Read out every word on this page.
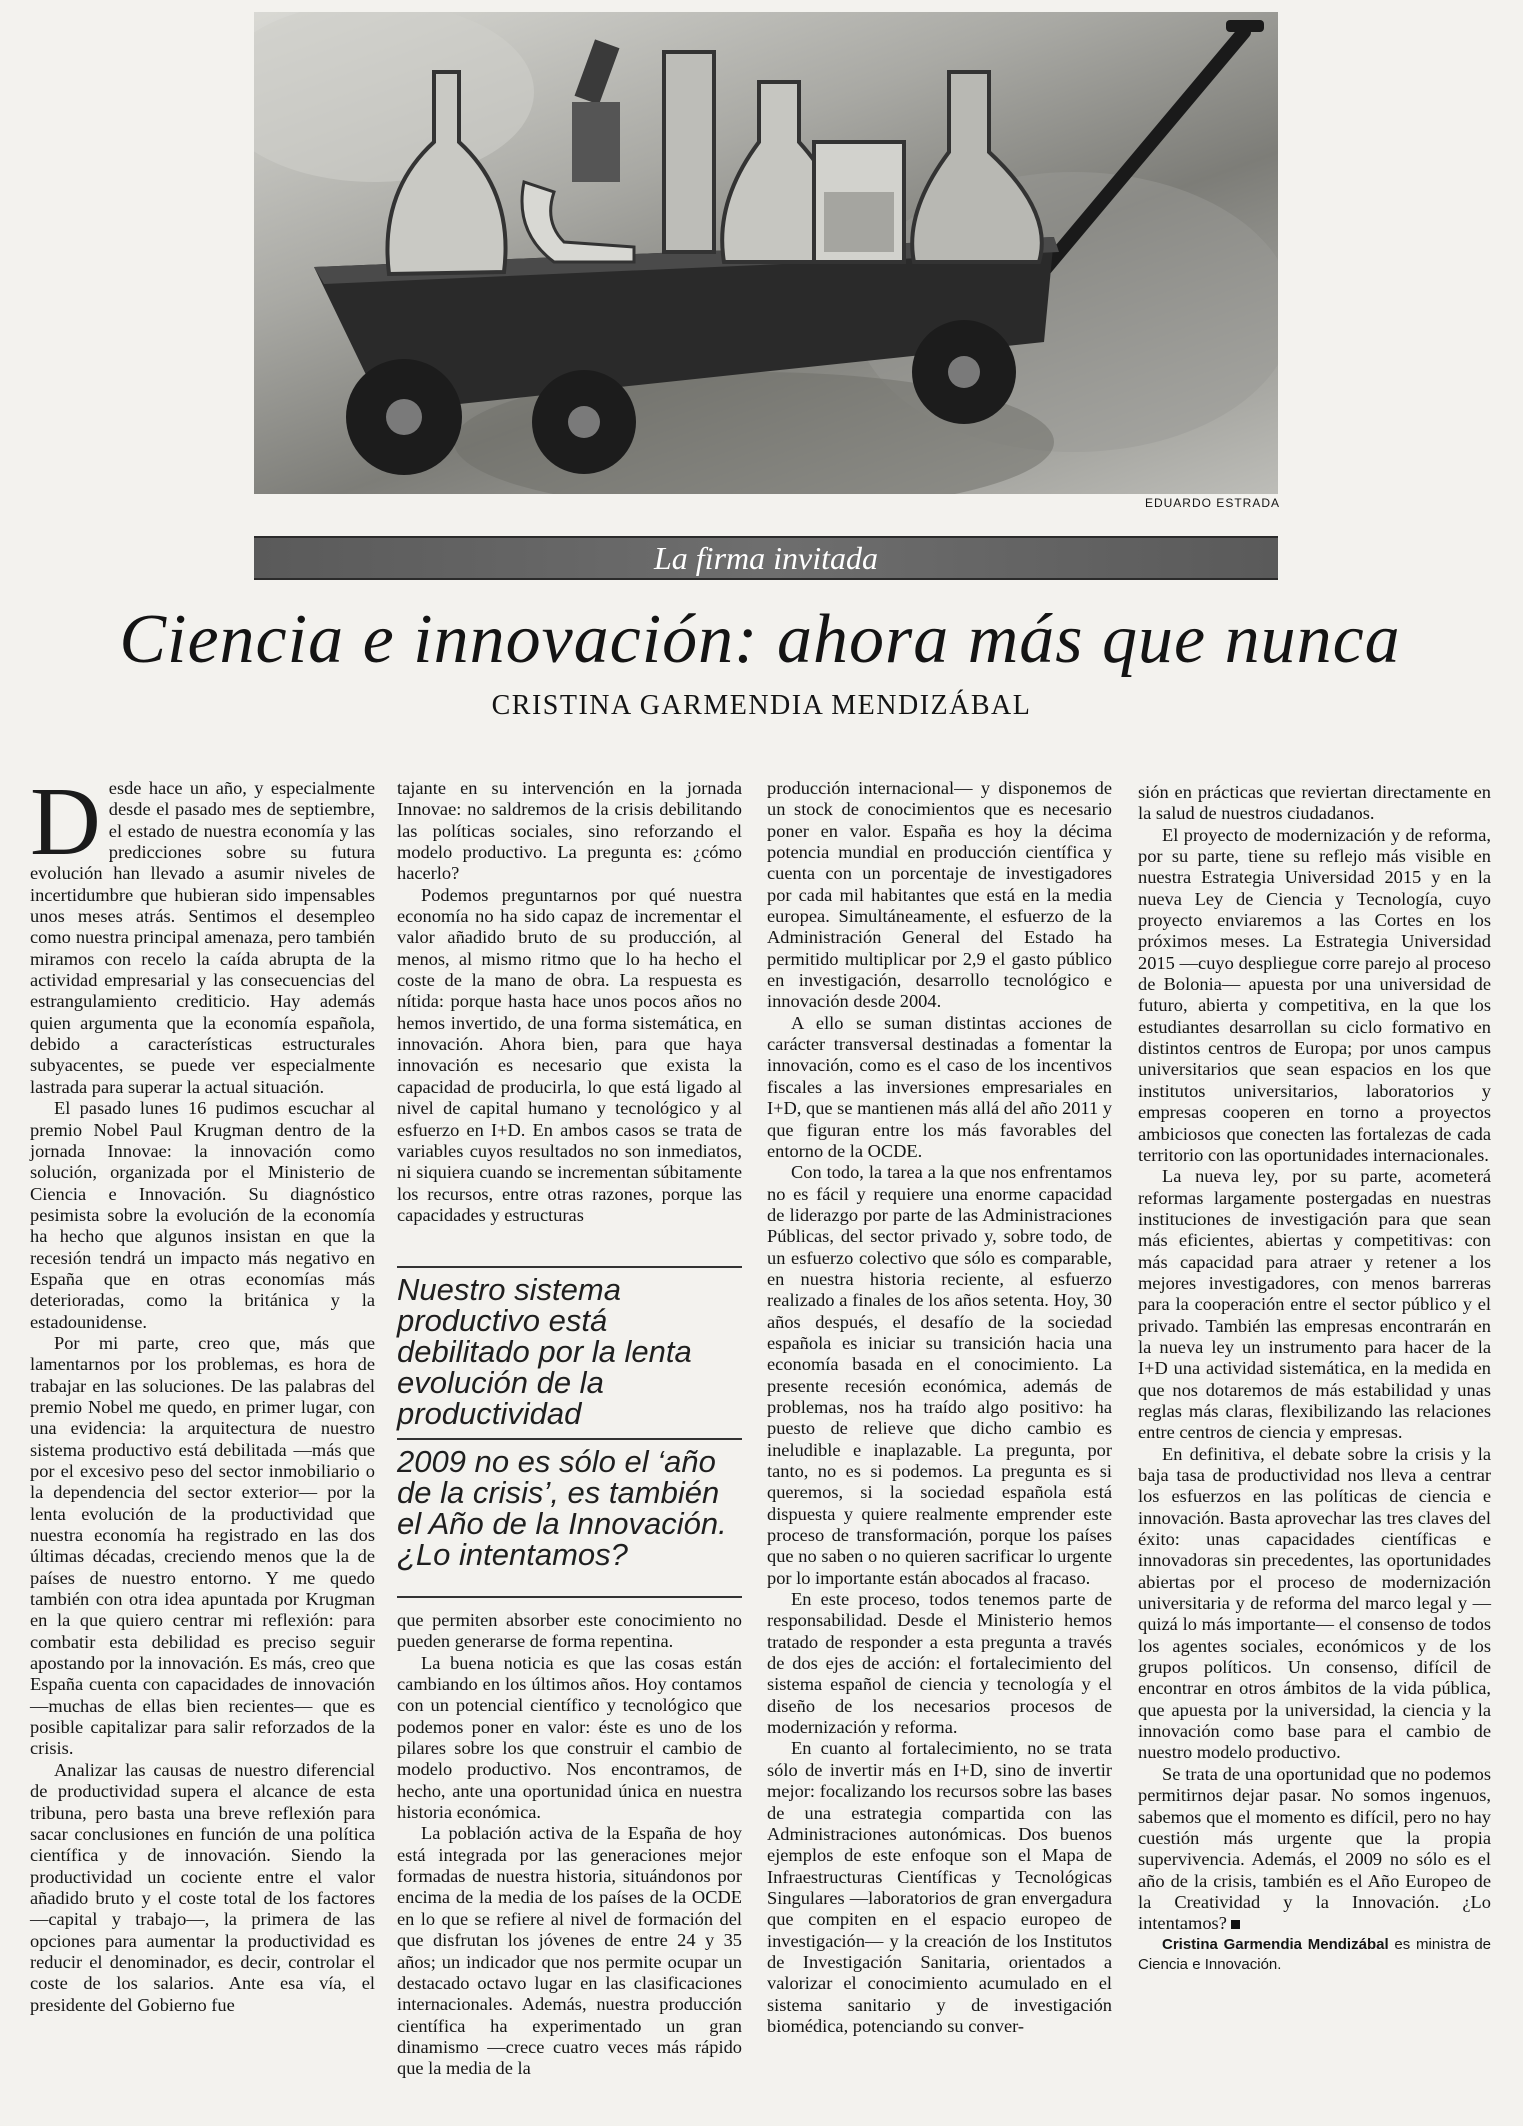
EDUARDO ESTRADA
La firma invitada
Ciencia e innovación: ahora más que nunca
CRISTINA GARMENDIA MENDIZÁBAL

Desde hace un año, y especialmente desde el pasado mes de septiembre, el estado de nuestra economía y las predicciones sobre su futura evolución han llevado a asumir niveles de incertidumbre que hubieran sido impensables unos meses atrás. Sentimos el desempleo como nuestra principal amenaza, pero también miramos con recelo la caída abrupta de la actividad empresarial y las consecuencias del estrangulamiento crediticio. Hay además quien argumenta que la economía española, debido a características estructurales subyacentes, se puede ver especialmente lastrada para superar la actual situación.

El pasado lunes 16 pudimos escuchar al premio Nobel Paul Krugman dentro de la jornada Innovae: la innovación como solución, organizada por el Ministerio de Ciencia e Innovación. Su diagnóstico pesimista sobre la evolución de la economía ha hecho que algunos insistan en que la recesión tendrá un impacto más negativo en España que en otras economías más deterioradas, como la británica y la estadounidense.

Por mi parte, creo que, más que lamentarnos por los problemas, es hora de trabajar en las soluciones. De las palabras del premio Nobel me quedo, en primer lugar, con una evidencia: la arquitectura de nuestro sistema productivo está debilitada —más que por el excesivo peso del sector inmobiliario o la dependencia del sector exterior— por la lenta evolución de la productividad que nuestra economía ha registrado en las dos últimas décadas, creciendo menos que la de países de nuestro entorno. Y me quedo también con otra idea apuntada por Krugman en la que quiero centrar mi reflexión: para combatir esta debilidad es preciso seguir apostando por la innovación. Es más, creo que España cuenta con capacidades de innovación —muchas de ellas bien recientes— que es posible capitalizar para salir reforzados de la crisis.

Analizar las causas de nuestro diferencial de productividad supera el alcance de esta tribuna, pero basta una breve reflexión para sacar conclusiones en función de una política científica y de innovación. Siendo la productividad un cociente entre el valor añadido bruto y el coste total de los factores —capital y trabajo—, la primera de las opciones para aumentar la productividad es reducir el denominador, es decir, controlar el coste de los salarios. Ante esa vía, el presidente del Gobierno fue

tajante en su intervención en la jornada Innovae: no saldremos de la crisis debilitando las políticas sociales, sino reforzando el modelo productivo. La pregunta es: ¿cómo hacerlo?

Podemos preguntarnos por qué nuestra economía no ha sido capaz de incrementar el valor añadido bruto de su producción, al menos, al mismo ritmo que lo ha hecho el coste de la mano de obra. La respuesta es nítida: porque hasta hace unos pocos años no hemos invertido, de una forma sistemática, en innovación. Ahora bien, para que haya innovación es necesario que exista la capacidad de producirla, lo que está ligado al nivel de capital humano y tecnológico y al esfuerzo en I+D. En ambos casos se trata de variables cuyos resultados no son inmediatos, ni siquiera cuando se incrementan súbitamente los recursos, entre otras razones, porque las capacidades y estructuras

Nuestro sistema productivo está debilitado por la lenta evolución de la productividad
2009 no es sólo el ‘año de la crisis’, es también el Año de la Innovación. ¿Lo intentamos?

que permiten absorber este conocimiento no pueden generarse de forma repentina.

La buena noticia es que las cosas están cambiando en los últimos años. Hoy contamos con un potencial científico y tecnológico que podemos poner en valor: éste es uno de los pilares sobre los que construir el cambio de modelo productivo. Nos encontramos, de hecho, ante una oportunidad única en nuestra historia económica.

La población activa de la España de hoy está integrada por las generaciones mejor formadas de nuestra historia, situándonos por encima de la media de los países de la OCDE en lo que se refiere al nivel de formación del que disfrutan los jóvenes de entre 24 y 35 años; un indicador que nos permite ocupar un destacado octavo lugar en las clasificaciones internacionales. Además, nuestra producción científica ha experimentado un gran dinamismo —crece cuatro veces más rápido que la media de la

producción internacional— y disponemos de un stock de conocimientos que es necesario poner en valor. España es hoy la décima potencia mundial en producción científica y cuenta con un porcentaje de investigadores por cada mil habitantes que está en la media europea. Simultáneamente, el esfuerzo de la Administración General del Estado ha permitido multiplicar por 2,9 el gasto público en investigación, desarrollo tecnológico e innovación desde 2004.

A ello se suman distintas acciones de carácter transversal destinadas a fomentar la innovación, como es el caso de los incentivos fiscales a las inversiones empresariales en I+D, que se mantienen más allá del año 2011 y que figuran entre los más favorables del entorno de la OCDE.

Con todo, la tarea a la que nos enfrentamos no es fácil y requiere una enorme capacidad de liderazgo por parte de las Administraciones Públicas, del sector privado y, sobre todo, de un esfuerzo colectivo que sólo es comparable, en nuestra historia reciente, al esfuerzo realizado a finales de los años setenta. Hoy, 30 años después, el desafío de la sociedad española es iniciar su transición hacia una economía basada en el conocimiento. La presente recesión económica, además de problemas, nos ha traído algo positivo: ha puesto de relieve que dicho cambio es ineludible e inaplazable. La pregunta, por tanto, no es si podemos. La pregunta es si queremos, si la sociedad española está dispuesta y quiere realmente emprender este proceso de transformación, porque los países que no saben o no quieren sacrificar lo urgente por lo importante están abocados al fracaso.

En este proceso, todos tenemos parte de responsabilidad. Desde el Ministerio hemos tratado de responder a esta pregunta a través de dos ejes de acción: el fortalecimiento del sistema español de ciencia y tecnología y el diseño de los necesarios procesos de modernización y reforma.

En cuanto al fortalecimiento, no se trata sólo de invertir más en I+D, sino de invertir mejor: focalizando los recursos sobre las bases de una estrategia compartida con las Administraciones autonómicas. Dos buenos ejemplos de este enfoque son el Mapa de Infraestructuras Científicas y Tecnológicas Singulares —laboratorios de gran envergadura que compiten en el espacio europeo de investigación— y la creación de los Institutos de Investigación Sanitaria, orientados a valorizar el conocimiento acumulado en el sistema sanitario y de investigación biomédica, potenciando su conver-

sión en prácticas que reviertan directamente en la salud de nuestros ciudadanos.

El proyecto de modernización y de reforma, por su parte, tiene su reflejo más visible en nuestra Estrategia Universidad 2015 y en la nueva Ley de Ciencia y Tecnología, cuyo proyecto enviaremos a las Cortes en los próximos meses. La Estrategia Universidad 2015 —cuyo despliegue corre parejo al proceso de Bolonia— apuesta por una universidad de futuro, abierta y competitiva, en la que los estudiantes desarrollan su ciclo formativo en distintos centros de Europa; por unos campus universitarios que sean espacios en los que institutos universitarios, laboratorios y empresas cooperen en torno a proyectos ambiciosos que conecten las fortalezas de cada territorio con las oportunidades internacionales.

La nueva ley, por su parte, acometerá reformas largamente postergadas en nuestras instituciones de investigación para que sean más eficientes, abiertas y competitivas: con más capacidad para atraer y retener a los mejores investigadores, con menos barreras para la cooperación entre el sector público y el privado. También las empresas encontrarán en la nueva ley un instrumento para hacer de la I+D una actividad sistemática, en la medida en que nos dotaremos de más estabilidad y unas reglas más claras, flexibilizando las relaciones entre centros de ciencia y empresas.

En definitiva, el debate sobre la crisis y la baja tasa de productividad nos lleva a centrar los esfuerzos en las políticas de ciencia e innovación. Basta aprovechar las tres claves del éxito: unas capacidades científicas e innovadoras sin precedentes, las oportunidades abiertas por el proceso de modernización universitaria y de reforma del marco legal y —quizá lo más importante— el consenso de todos los agentes sociales, económicos y de los grupos políticos. Un consenso, difícil de encontrar en otros ámbitos de la vida pública, que apuesta por la universidad, la ciencia y la innovación como base para el cambio de nuestro modelo productivo.

Se trata de una oportunidad que no podemos permitirnos dejar pasar. No somos ingenuos, sabemos que el momento es difícil, pero no hay cuestión más urgente que la propia supervivencia. Además, el 2009 no sólo es el año de la crisis, también es el Año Europeo de la Creatividad y la Innovación. ¿Lo intentamos?

Cristina Garmendia Mendizábal es ministra de Ciencia e Innovación.
